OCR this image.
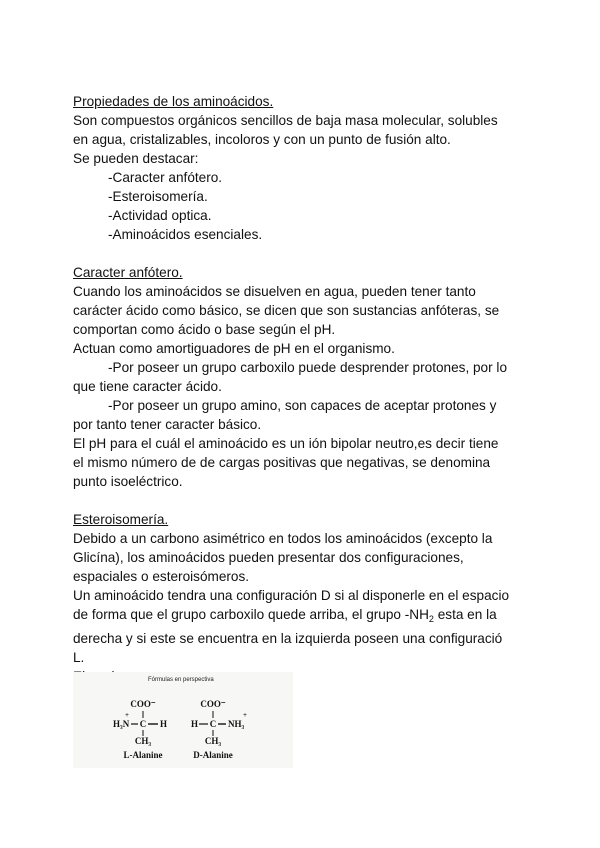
Propiedades de los aminoácidos.

Son compuestos orgánicos sencillos de baja masa molecular, solubles

en agua, cristalizables, incoloros y con un punto de fusión alto.

Se pueden destacar:

-Caracter anfótero.

-Esteroisomería.

-Actividad optica.

-Aminoácidos esenciales.

Caracter anfótero.

Cuando los aminoácidos se disuelven en agua, pueden tener tanto

carácter ácido como básico, se dicen que son sustancias anfóteras, se

comportan como ácido o base según el pH.

Actuan como amortiguadores de pH en el organismo.

-Por poseer un grupo carboxilo puede desprender protones, por lo

que tiene caracter ácido.

-Por poseer un grupo amino, son capaces de aceptar protones y

por tanto tener caracter básico.

El pH para el cuál el aminoácido es un ión bipolar neutro,es decir tiene

el mismo número de de cargas positivas que negativas, se denomina

punto isoeléctrico.

Esteroisomería.

Debido a un carbono asimétrico en todos los aminoácidos (excepto la

Glicína), los aminoácidos pueden presentar dos configuraciones,

espaciales o esteroisómeros.

Un aminoácido tendra una configuración D si al disponerle en el espacio

de forma que el grupo carboxilo quede arriba, el grupo $-NH_2$ esta en la

derecha y si este se encuentra en la izquierda poseen una configuració

L.

Fórmulas en perspectiva
COO⁻
H₃N
+
C H
CH₃
L-Alanine
COO⁻
H C NH₃
+
CH₃
D-Alanine
